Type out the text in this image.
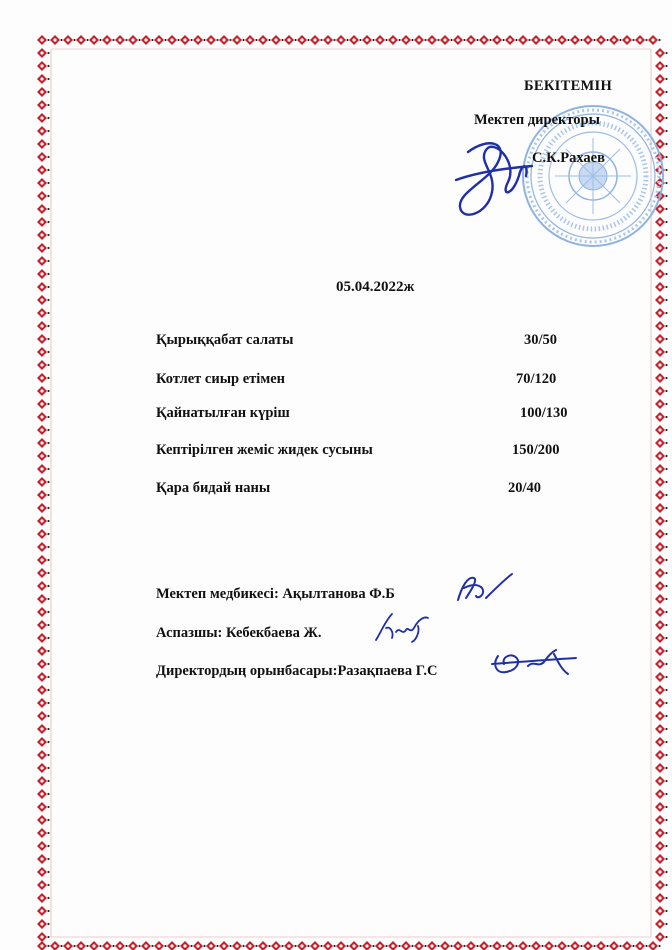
БЕКІТЕМІН
Мектеп директоры
С.К.Рахаев
05.04.2022ж
Қырыққабат салаты	30/50
Котлет сиыр етімен	70/120
Қайнатылған күріш	100/130
Кептірілген жеміс жидек сусыны	150/200
Қара бидай наны	20/40
Мектеп медбикесі: Ақылтанова Ф.Б
Аспазшы: Кебекбаева Ж.
Директордың орынбасары:Разақпаева Г.С
